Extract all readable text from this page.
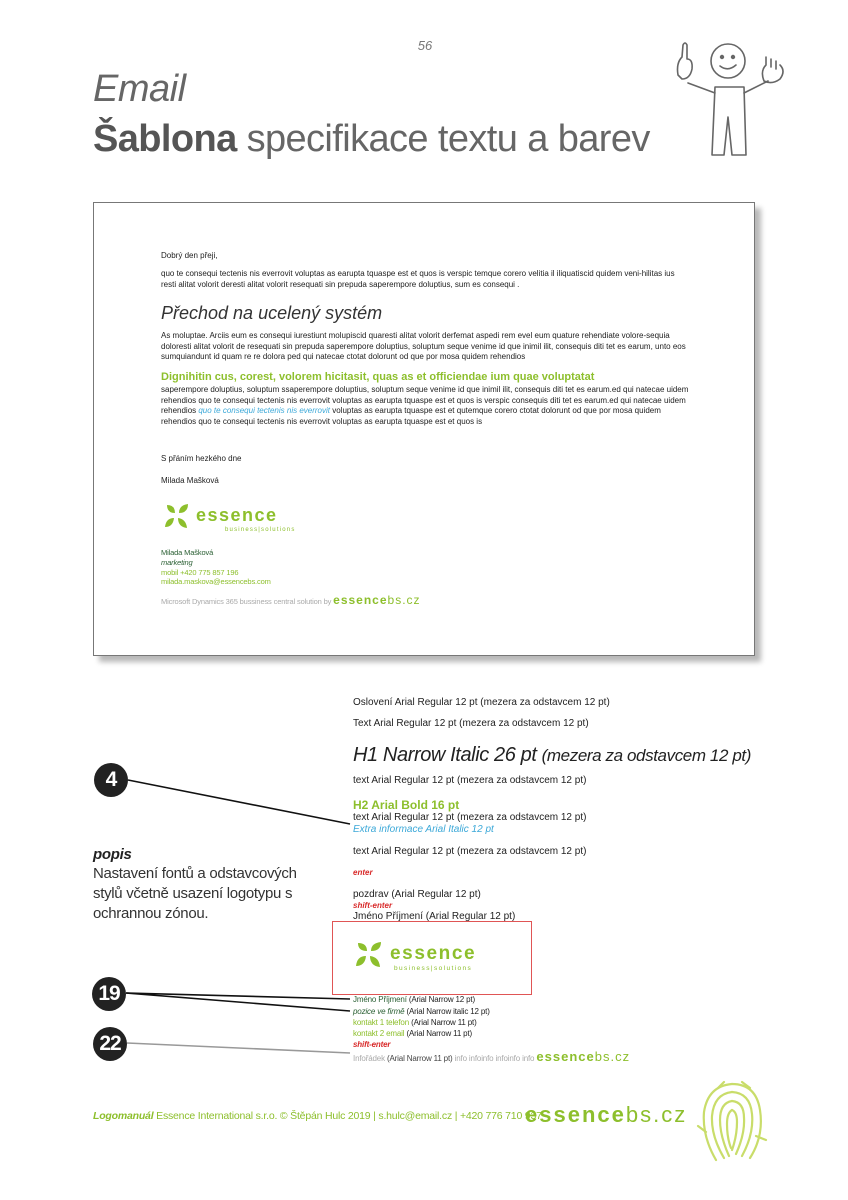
56
Email
Šablona specifikace textu a barev
Dobrý den přeji,
quo te consequi tectenis nis everrovit voluptas as earupta tquaspe est et quos is verspic temque corero velitia il iliquatiscid quidem veni-hilitas ius resti alitat volorit deresti alitat volorit resequati sin prepuda saperempore doluptius, sum es consequi .
Přechod na ucelený systém
As moluptae. Arciis eum es consequi iurestiunt molupiscid quaresti alitat volorit derfemat aspedi rem evel eum quature rehendiate volore-sequia doloresti alitat volorit de resequati sin prepuda saperempore doluptius, soluptum seque venime id que inimil ilit, consequis diti tet es earum, unto eos sumquiandunt id quam re re dolora ped qui natecae ctotat dolorunt od que por mosa quidem rehendios
Dignihitin cus, corest, volorem hicitasit, quas as et officiendae ium quae voluptatat
saperempore doluptius, soluptum ssaperempore doluptius, soluptum seque venime id que inimil ilit, consequis diti tet es earum.ed qui natecae uidem rehendios quo te consequi tectenis nis everrovit voluptas as earupta tquaspe est et quos is verspic consequis diti tet es earum.ed qui natecae uidem rehendios quo te consequi tectenis nis everrovit voluptas as earupta tquaspe est et qutemque corero ctotat dolorunt od que por mosa quidem rehendios quo te consequi tectenis nis everrovit voluptas as earupta tquaspe est et quos is
S přáním hezkého dne
Milada Mašková
essence
business|solutions
Milada Mašková
marketing
mobil +420 775 857 196
milada.maskova@essencebs.com
Microsoft Dynamics 365 bussiness central solution by essencebs.cz
Oslovení Arial Regular 12 pt (mezera za odstavcem 12 pt)
Text Arial Regular 12 pt (mezera za odstavcem 12 pt)
H1 Narrow Italic 26 pt (mezera za odstavcem 12 pt)
text Arial Regular 12 pt (mezera za odstavcem 12 pt)
H2 Arial Bold 16 pt
text Arial Regular 12 pt (mezera za odstavcem 12 pt)
Extra informace Arial Italic 12 pt
text Arial Regular 12 pt (mezera za odstavcem 12 pt)
enter
pozdrav (Arial Regular 12 pt)
shift-enter
Jméno Příjmení (Arial Regular 12 pt)
essence
business|solutions
Jméno Příjmení (Arial Narrow 12 pt)
pozice ve firmě (Arial Narrow italic 12 pt)
kontakt 1 telefon (Arial Narrow 11 pt)
kontakt 2 email (Arial Narrow 11 pt)
shift-enter
Infořádek (Arial Narrow 11 pt) info infoinfo infoinfo info essencebs.cz
4
19
22
popis
Nastavení fontů a odstavcových stylů včetně usazení logotypu s ochrannou zónou.
Logomanuál Essence International s.r.o. © Štěpán Hulc 2019 | s.hulc@email.cz | +420 776 710 937
essencebs.cz
